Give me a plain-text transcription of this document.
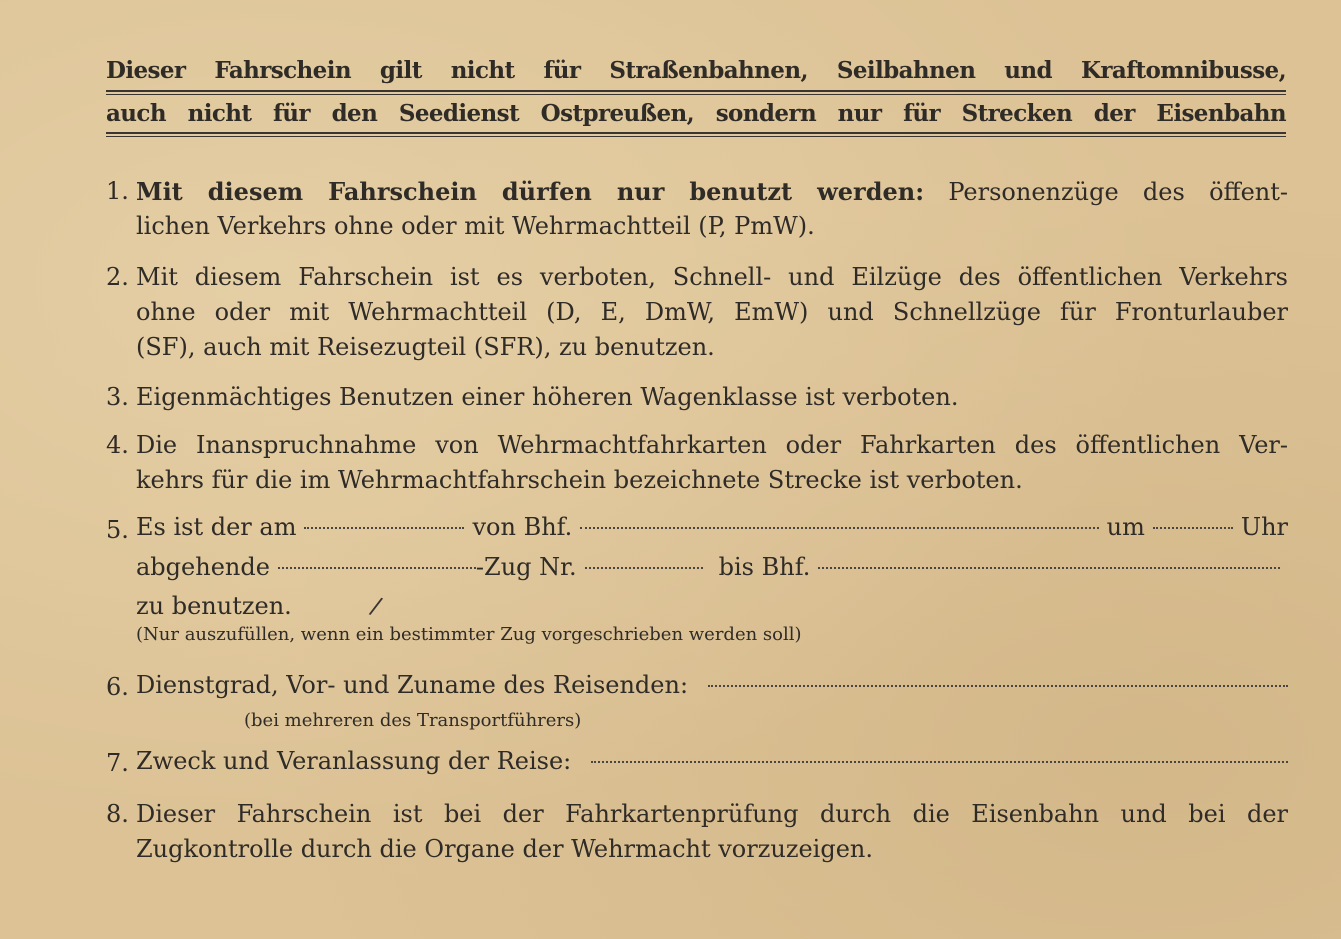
Dieser Fahrschein gilt nicht für Straßenbahnen, Seilbahnen und Kraftomnibusse,
auch nicht für den Seedienst Ostpreußen, sondern nur für Strecken der Eisenbahn
1. Mit diesem Fahrschein dürfen nur benutzt werden: Personenzüge des öffent-
lichen Verkehrs ohne oder mit Wehrmachtteil (P, PmW).
2. Mit diesem Fahrschein ist es verboten, Schnell- und Eilzüge des öffentlichen Verkehrs
ohne oder mit Wehrmachtteil (D, E, DmW, EmW) und Schnellzüge für Fronturlauber
(SF), auch mit Reisezugteil (SFR), zu benutzen.
3. Eigenmächtiges Benutzen einer höheren Wagenklasse ist verboten.
4. Die Inanspruchnahme von Wehrmachtfahrkarten oder Fahrkarten des öffentlichen Ver-
kehrs für die im Wehrmachtfahrschein bezeichnete Strecke ist verboten.
5. Es ist der am	von Bhf.	um	Uhr
abgehende	-Zug Nr.	bis Bhf.
zu benutzen.	/
(Nur auszufüllen, wenn ein bestimmter Zug vorgeschrieben werden soll)
6. Dienstgrad, Vor- und Zuname des Reisenden:
(bei mehreren des Transportführers)
7. Zweck und Veranlassung der Reise:
8. Dieser Fahrschein ist bei der Fahrkartenprüfung durch die Eisenbahn und bei der
Zugkontrolle durch die Organe der Wehrmacht vorzuzeigen.
